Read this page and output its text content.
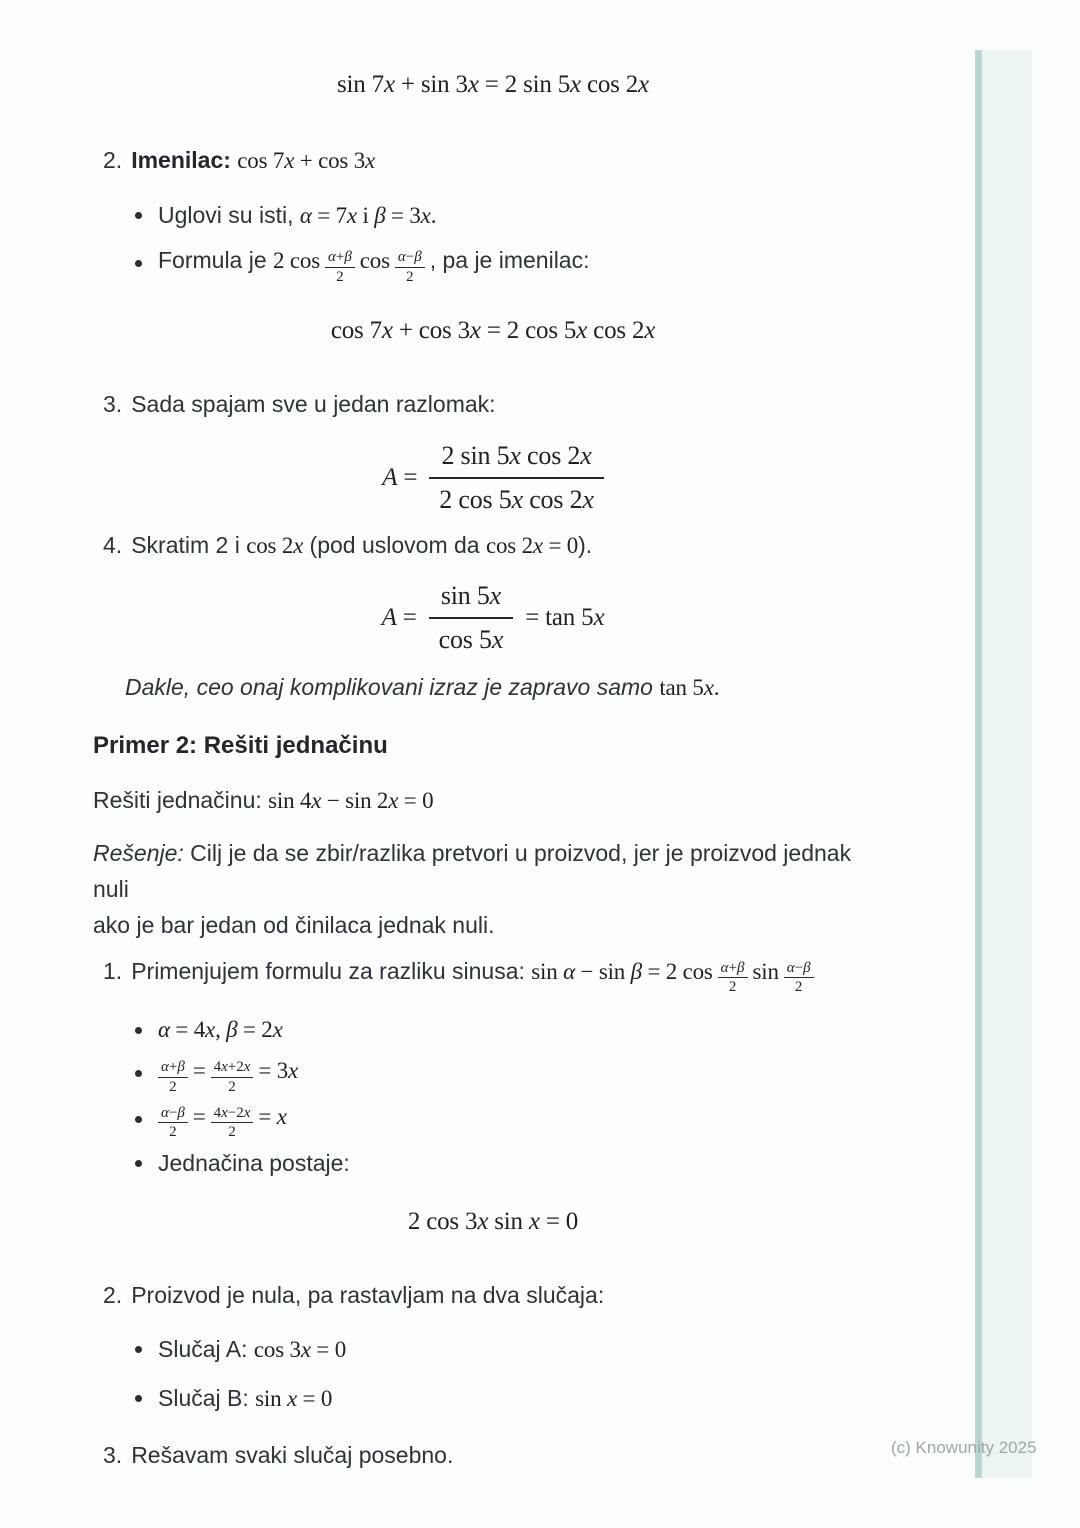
sin 7x + sin 3x = 2 sin 5x cos 2x
2. Imenilac: cos 7x + cos 3x
Uglovi su isti, α = 7x i β = 3x.
Formula je 2 $\cos \frac{\alpha+\beta}{2}$ $\cos \frac{\alpha-\beta}{2}$ , pa je imenilac:
cos 7x + cos 3x = 2 cos 5x cos 2x
3. Sada spajam sve u jedan razlomak:
$A = \frac{\text{2 sin 5x cos 2x}}{\text{2 cos 5x cos 2x}}$
4. Skratim 2 i cos 2x (pod uslovom da cos 2x = 0).
$A = \frac{\sin 5x}{\cos 5x} = \tan 5x$
Dakle, ceo onaj komplikovani izraz je zapravo samo tan 5x.
Primer 2: Rešiti jednačinu
Rešiti jednačinu: sin 4x − sin 2x = 0
Rešenje: Cilj je da se zbir/razlika pretvori u proizvod, jer je proizvod jednak nuli
ako je bar jedan od činilaca jednak nuli.
1. Primenjujem formulu za razliku sinusa: sin α − sin β = 2 $\cos \frac{\alpha+\beta}{2}$ $\sin \frac{\alpha-\beta}{2}$
α = 4x, β = 2x
$\frac{\alpha+\beta}{2} = \frac{4x+2x}{2} = 3x$
$\frac{\alpha-\beta}{2} = \frac{4x-2x}{2} = x$
Jednačina postaje:
2 cos 3x sin x = 0
2. Proizvod je nula, pa rastavljam na dva slučaja:
Slučaj A: cos 3x = 0
Slučaj B: sin x = 0
3. Rešavam svaki slučaj posebno.	(c) Knowunity 2025
